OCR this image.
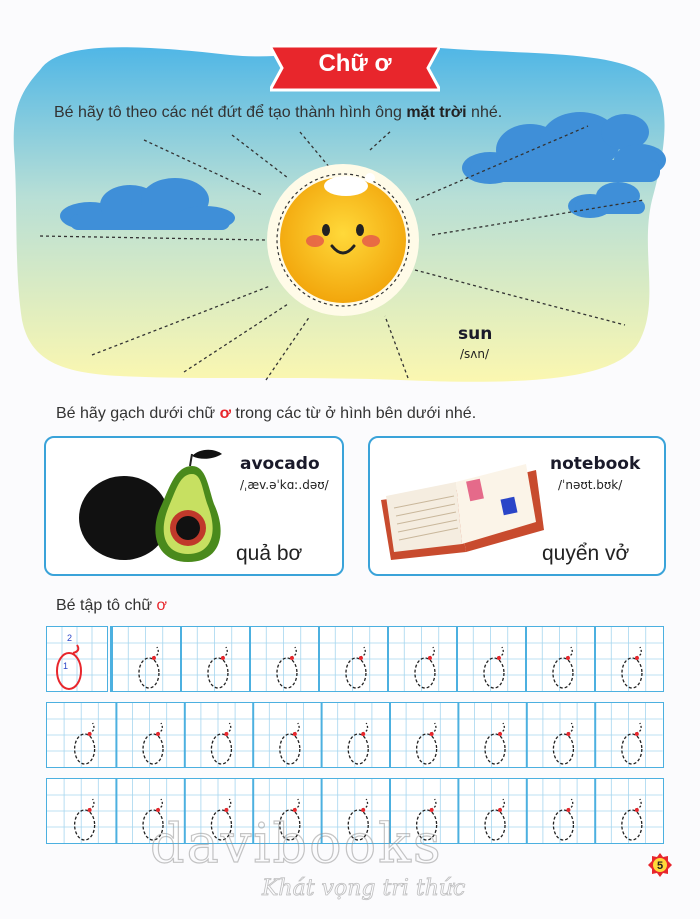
Chữ ơ
Bé hãy tô theo các nét đứt để tạo thành hình ông mặt trời nhé.
sun
/sʌn/
Bé hãy gạch dưới chữ ơ trong các từ ở hình bên dưới nhé.
avocado
/ˌæv.əˈkɑː.dəʊ/
quả bơ
notebook
/ˈnəʊt.bʊk/
quyển vở
Bé tập tô chữ ơ
2
1
5
davibooks
Khát vọng tri thức
